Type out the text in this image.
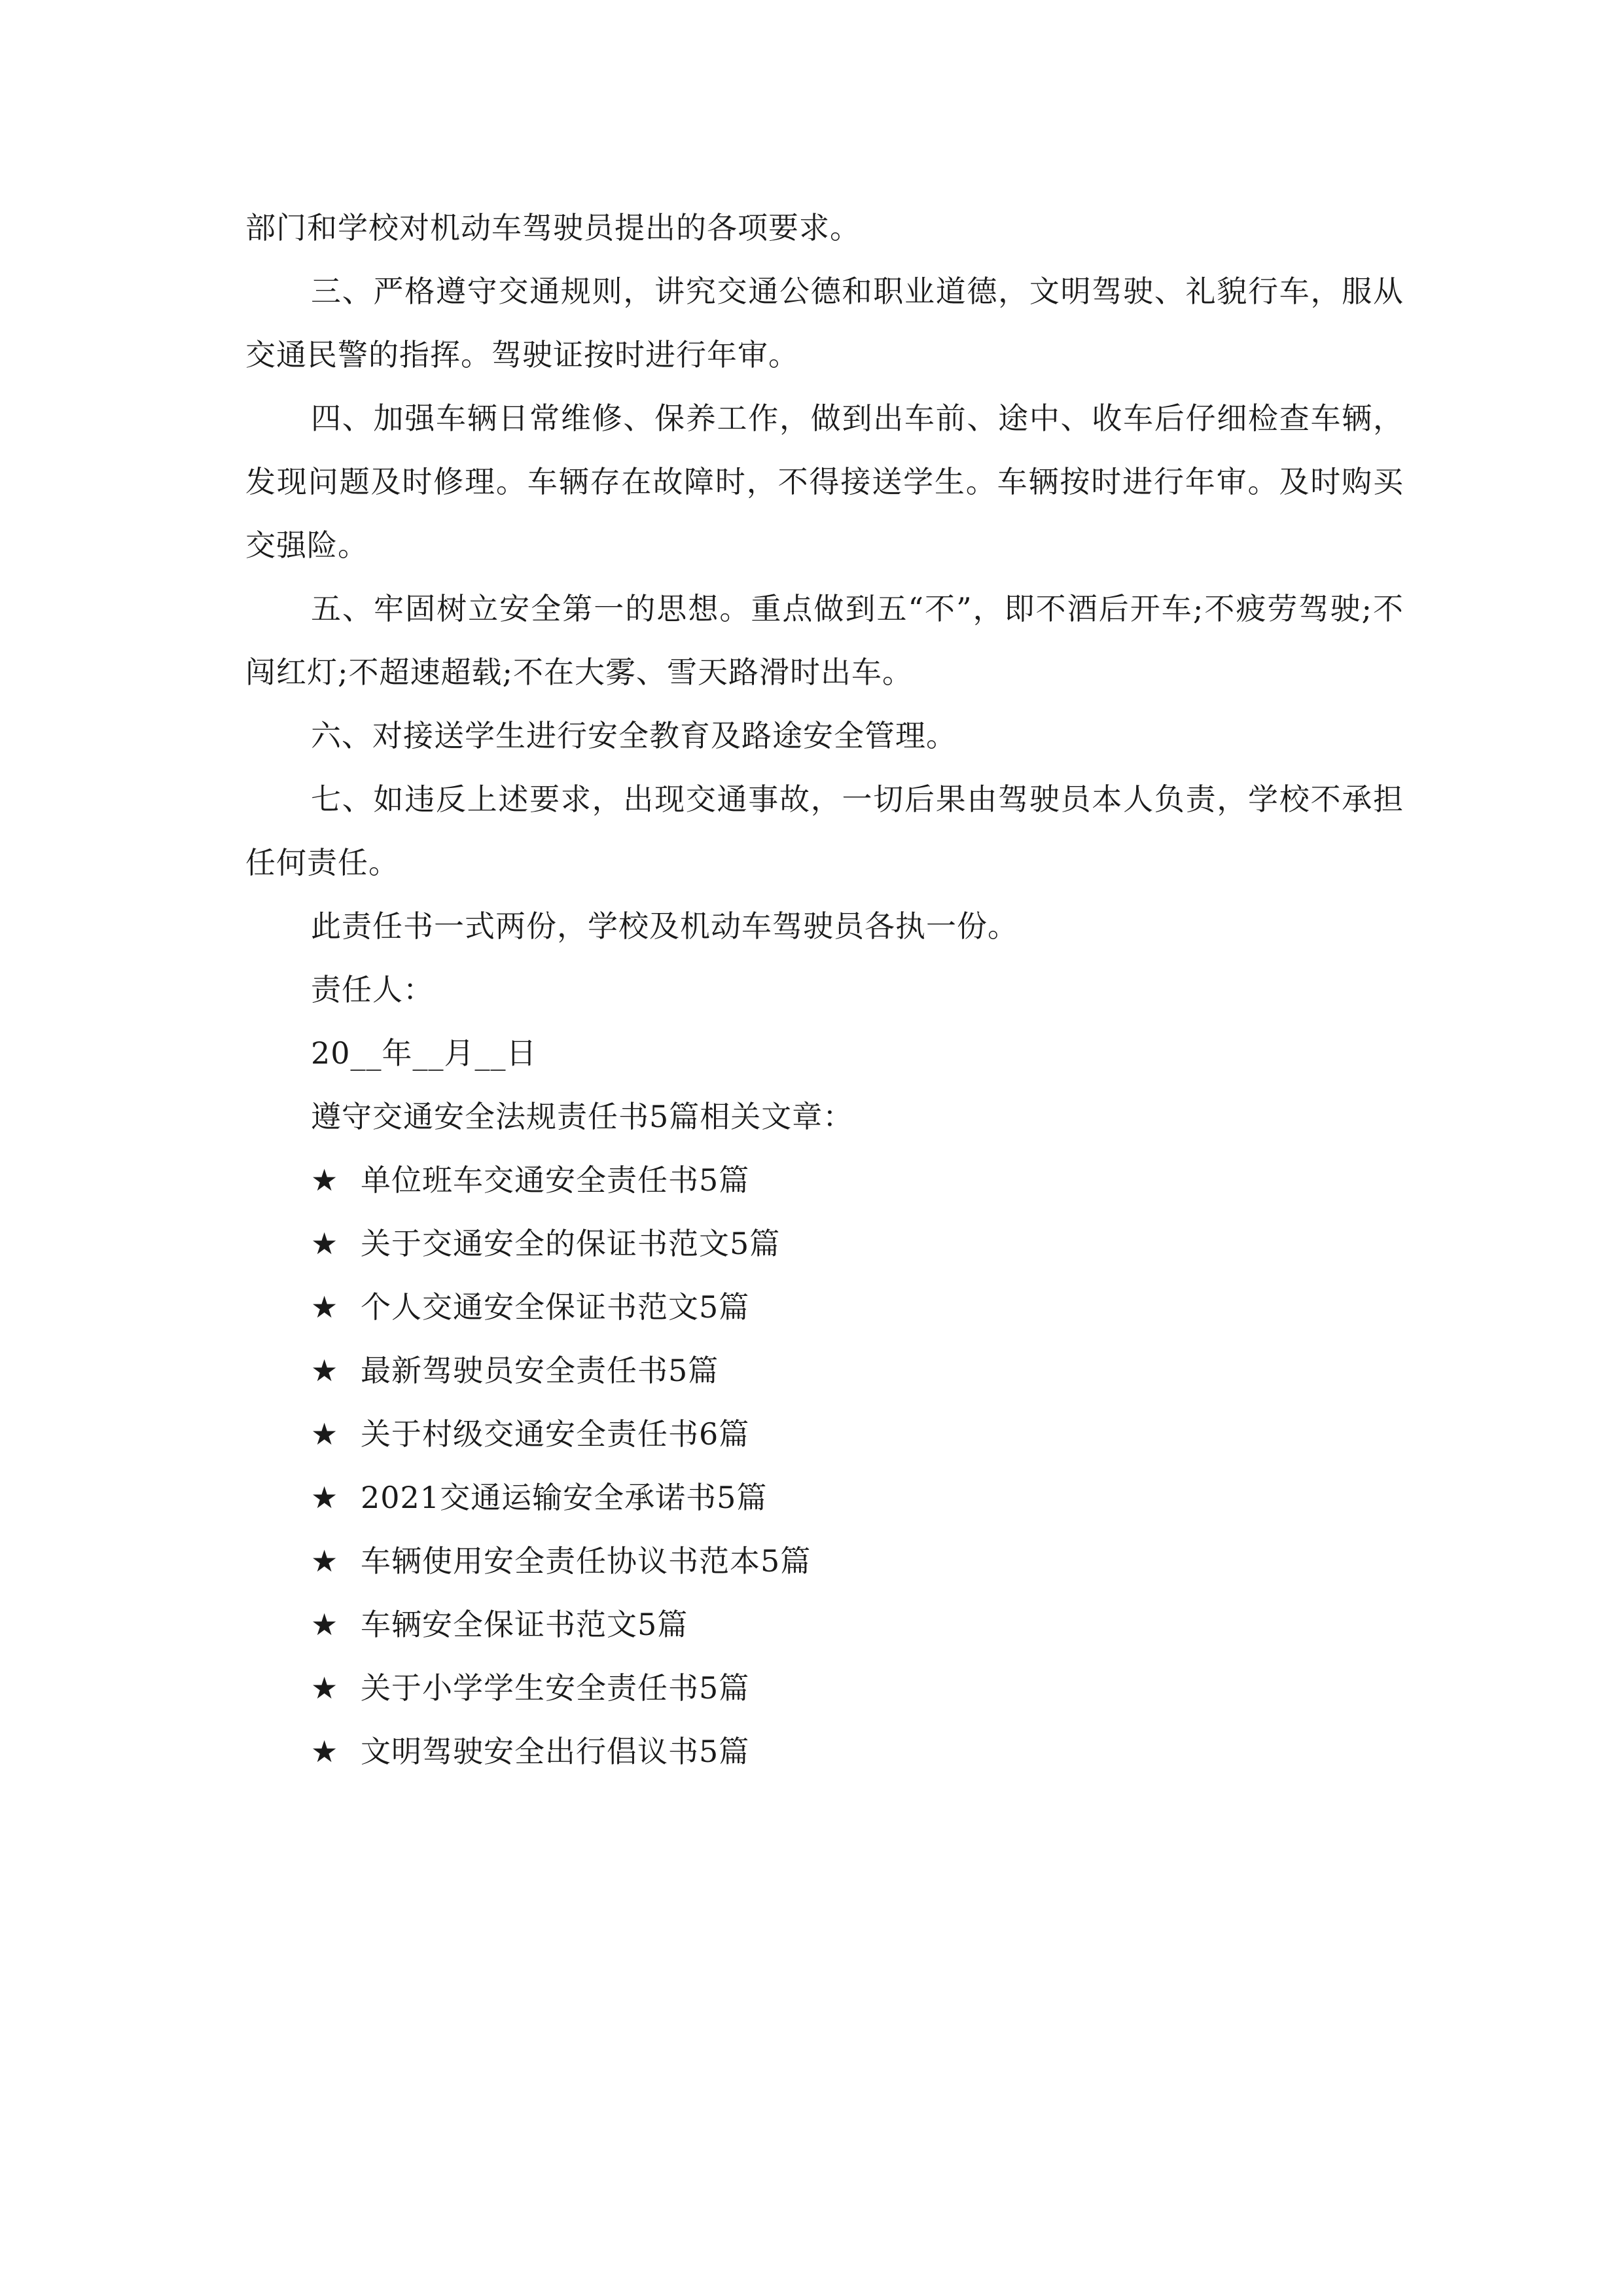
部门和学校对机动车驾驶员提出的各项要求。

三、严格遵守交通规则，讲究交通公德和职业道德，文明驾驶、礼貌行车，服从交通民警的指挥。驾驶证按时进行年审。

四、加强车辆日常维修、保养工作，做到出车前、途中、收车后仔细检查车辆，发现问题及时修理。车辆存在故障时，不得接送学生。车辆按时进行年审。及时购买交强险。

五、牢固树立安全第一的思想。重点做到五“不”，即不酒后开车;不疲劳驾驶;不闯红灯;不超速超载;不在大雾、雪天路滑时出车。

六、对接送学生进行安全教育及路途安全管理。

七、如违反上述要求，出现交通事故，一切后果由驾驶员本人负责，学校不承担任何责任。

此责任书一式两份，学校及机动车驾驶员各执一份。

责任人：

20__年__月__日

遵守交通安全法规责任书5篇相关文章：

★ 单位班车交通安全责任书5篇
★ 关于交通安全的保证书范文5篇
★ 个人交通安全保证书范文5篇
★ 最新驾驶员安全责任书5篇
★ 关于村级交通安全责任书6篇
★ 2021交通运输安全承诺书5篇
★ 车辆使用安全责任协议书范本5篇
★ 车辆安全保证书范文5篇
★ 关于小学学生安全责任书5篇
★ 文明驾驶安全出行倡议书5篇
